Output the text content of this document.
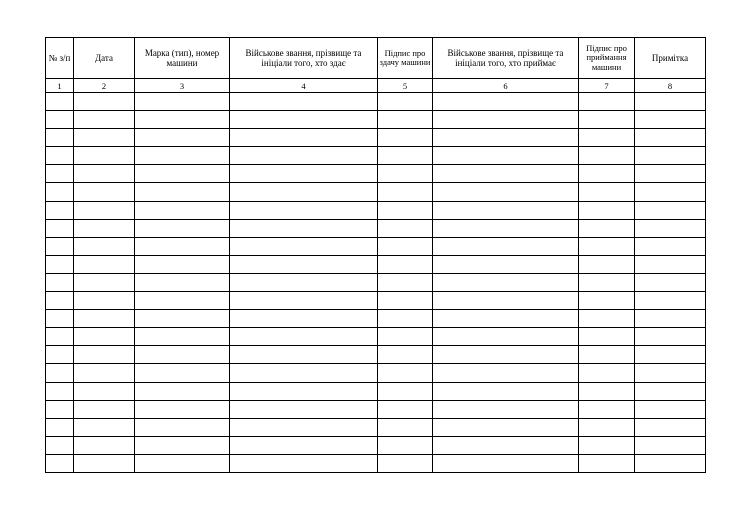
№ з/п	Дата	Марка (тип), номер машини	Військове звання, прізвище та ініціали того, хто здає	Підпис про здачу машини	Військове звання, прізвище та ініціали того, хто приймає	Підпис про приймання машини	Примітка
1	2	3	4	5	6	7	8
